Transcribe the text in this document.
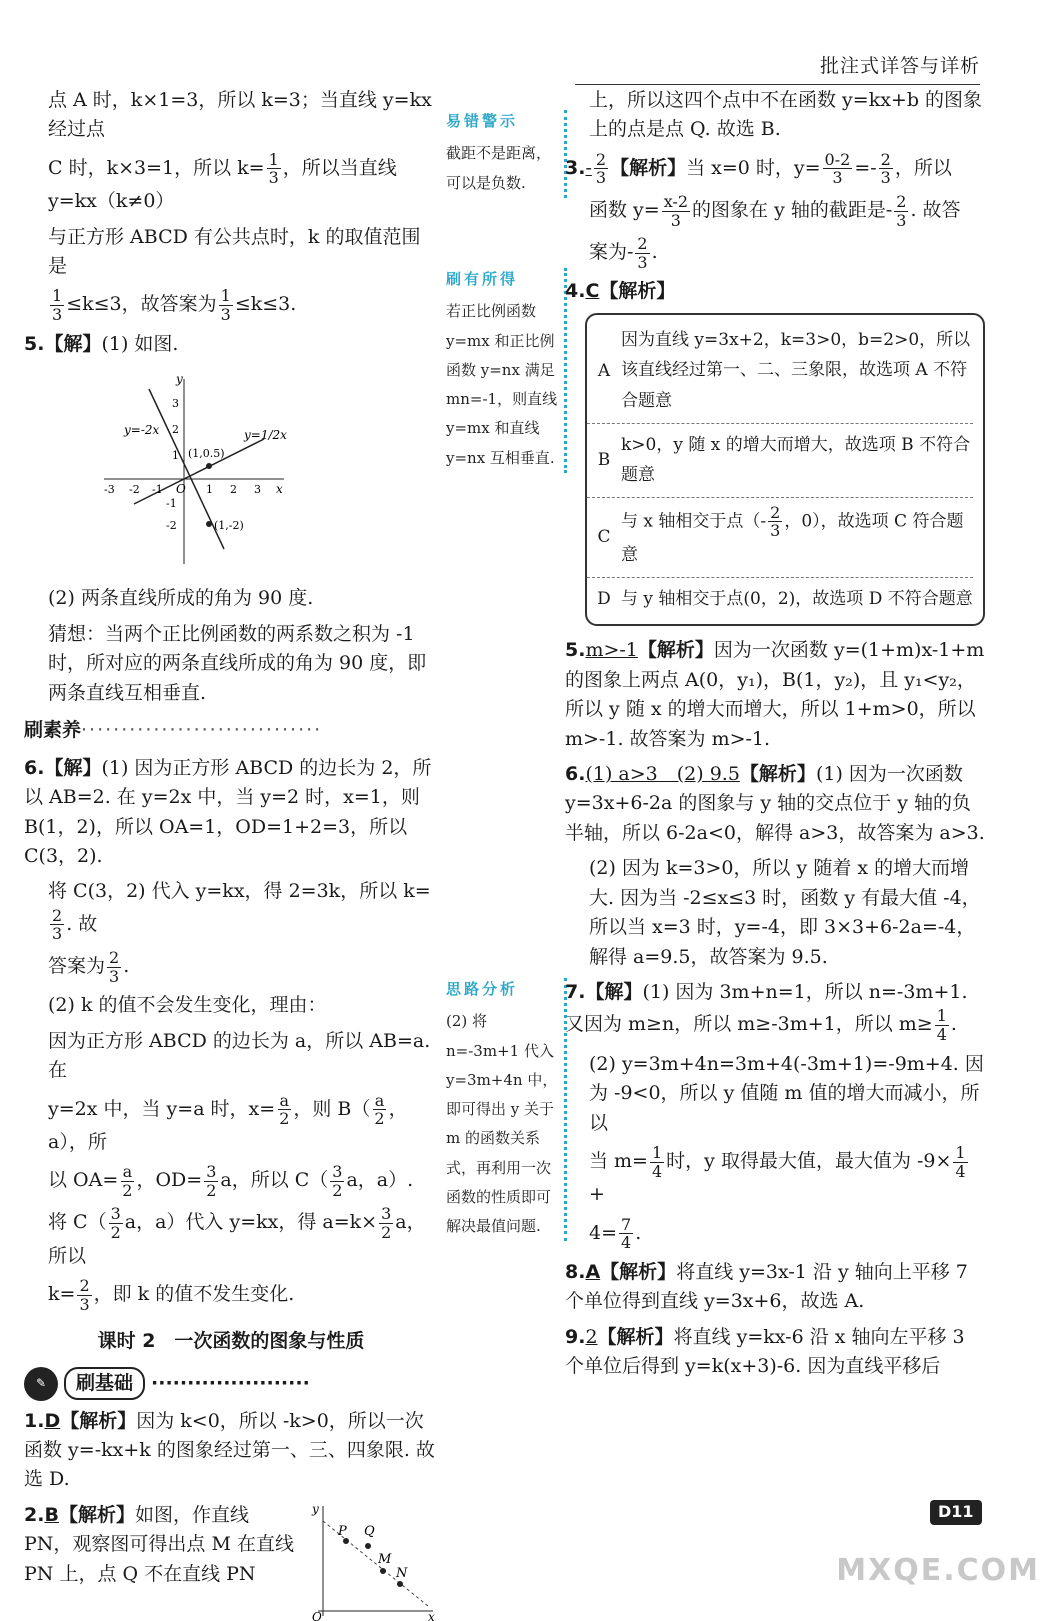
批注式详答与详析

点 A 时，k×1=3，所以 k=3；当直线 y=kx 经过点

C 时，k×3=1，所以 $k= \frac{1}{3}$ ，所以当直线 y=kx（k≠0）

与正方形 ABCD 有公共点时，k 的取值范围是

$\frac{1}{3} \le k\le 3$，故答案为 $\frac{1}{3} \le k\le 3$.

5.【解】(1) 如图.

y
x
O
y=-2x	y=1/2x
(1,0.5)
(1,-2)
3
2
1
-1
-2
-3 -2 -1	1 2 3

(2) 两条直线所成的角为 90 度.

猜想：当两个正比例函数的两系数之积为 -1 时，所对应的两条直线所成的角为 90 度，即两条直线互相垂直.

刷素养······························

6.【解】(1) 因为正方形 ABCD 的边长为 2，所以 AB=2. 在 y=2x 中，当 y=2 时，x=1，则 B(1，2)，所以 OA=1，OD=1+2=3，所以 C(3，2).

将 C(3，2) 代入 y=kx，得 2=3k，所以 k=
$\frac{2}{3}$ . 故

答案为 $\frac{2}{3}$ .

(2) k 的值不会发生变化，理由：

因为正方形 ABCD 的边长为 a，所以 AB=a. 在

y=2x 中，当 y=a 时，$x= \frac{a}{2}$ ，则 $B( \frac{a}{2}$ ，a），所

以 $OA= \frac{a}{2}$ ，$OD= \frac{3}{2}$ a，所以 $C( \frac{3}{2}$ a，a）.

将 $C( \frac{3}{2}$ a，a）代入 y=kx，得 $a=k\times \frac{3}{2}$ a，所以

$k= \frac{2}{3}$ ，即 k 的值不发生变化.

课时 2　一次函数的图象与性质
✎	刷基础 ······················

1.D【解析】因为 k<0，所以 -k>0，所以一次函数 y=-kx+k 的图象经过第一、三、四象限. 故选 D.

2.B【解析】如图，作直线 PN，观察图可得出点 M 在直线 PN 上，点 Q 不在直线 PN

y
x
O
P Q
M
N
易错警示
截距不是距离，可以是负数.
刷有所得
若正比例函数 y=mx 和正比例函数 y=nx 满足 mn=-1，则直线 y=mx 和直线 y=nx 互相垂直.
思路分析
(2) 将 n=-3m+1 代入 y=3m+4n 中，即可得出 y 关于 m 的函数关系式，再利用一次函数的性质即可解决最值问题.

上，所以这四个点中不在函数 y=kx+b 的图象上的点是点 Q. 故选 B.

$3.- \frac{2}{3}$ 【解析】当 x=0 时，$y= \frac{0-2}{3} =- \frac{2}{3}$ ，所以

函数 $y= \frac{x-2}{3}$ 的图象在 y 轴的截距是- $\frac{2}{3}$ . 故答

案为- $\frac{2}{3}$ .

4.C【解析】

A
因为直线 y=3x+2，k=3>0，b=2>0，所以该直线经过第一、二、三象限，故选项 A 不符合题意
B
k>0，y 随 x 的增大而增大，故选项 B 不符合题意
C
与 x 轴相交于点（- $\frac{2}{3}$ ，0），故选项 C 符合题意
D 与 y 轴相交于点(0，2)，故选项 D 不符合题意

5.m>-1【解析】因为一次函数 y=(1+m)x-1+m 的图象上两点 A(0，y₁)，B(1，y₂)，且 y₁<y₂，所以 y 随 x 的增大而增大，所以 1+m>0，所以 m>-1. 故答案为 m>-1.

6.(1) a>3　(2) 9.5【解析】(1) 因为一次函数 y=3x+6-2a 的图象与 y 轴的交点位于 y 轴的负半轴，所以 6-2a<0，解得 a>3，故答案为 a>3.

(2) 因为 k=3>0，所以 y 随着 x 的增大而增大. 因为当 -2≤x≤3 时，函数 y 有最大值 -4，所以当 x=3 时，y=-4，即 3×3+6-2a=-4，解得 a=9.5，故答案为 9.5.

7.【解】(1) 因为 3m+n=1，所以 n=-3m+1. 又因为 m≥n，所以 m≥-3m+1，所以 $m\ge \frac{1}{4}$ .

(2) y=3m+4n=3m+4(-3m+1)=-9m+4. 因为 -9<0，所以 y 值随 m 值的增大而减小，所以

当 $m= \frac{1}{4}$ 时，y 取得最大值，最大值为 $-9\times \frac{1}{4}$
+

$4= \frac{7}{4}$ .

8.A【解析】将直线 y=3x-1 沿 y 轴向上平移 7 个单位得到直线 y=3x+6，故选 A.

9.2【解析】将直线 y=kx-6 沿 x 轴向左平移 3 个单位后得到 y=k(x+3)-6. 因为直线平移后

D11
MXQE.COM
